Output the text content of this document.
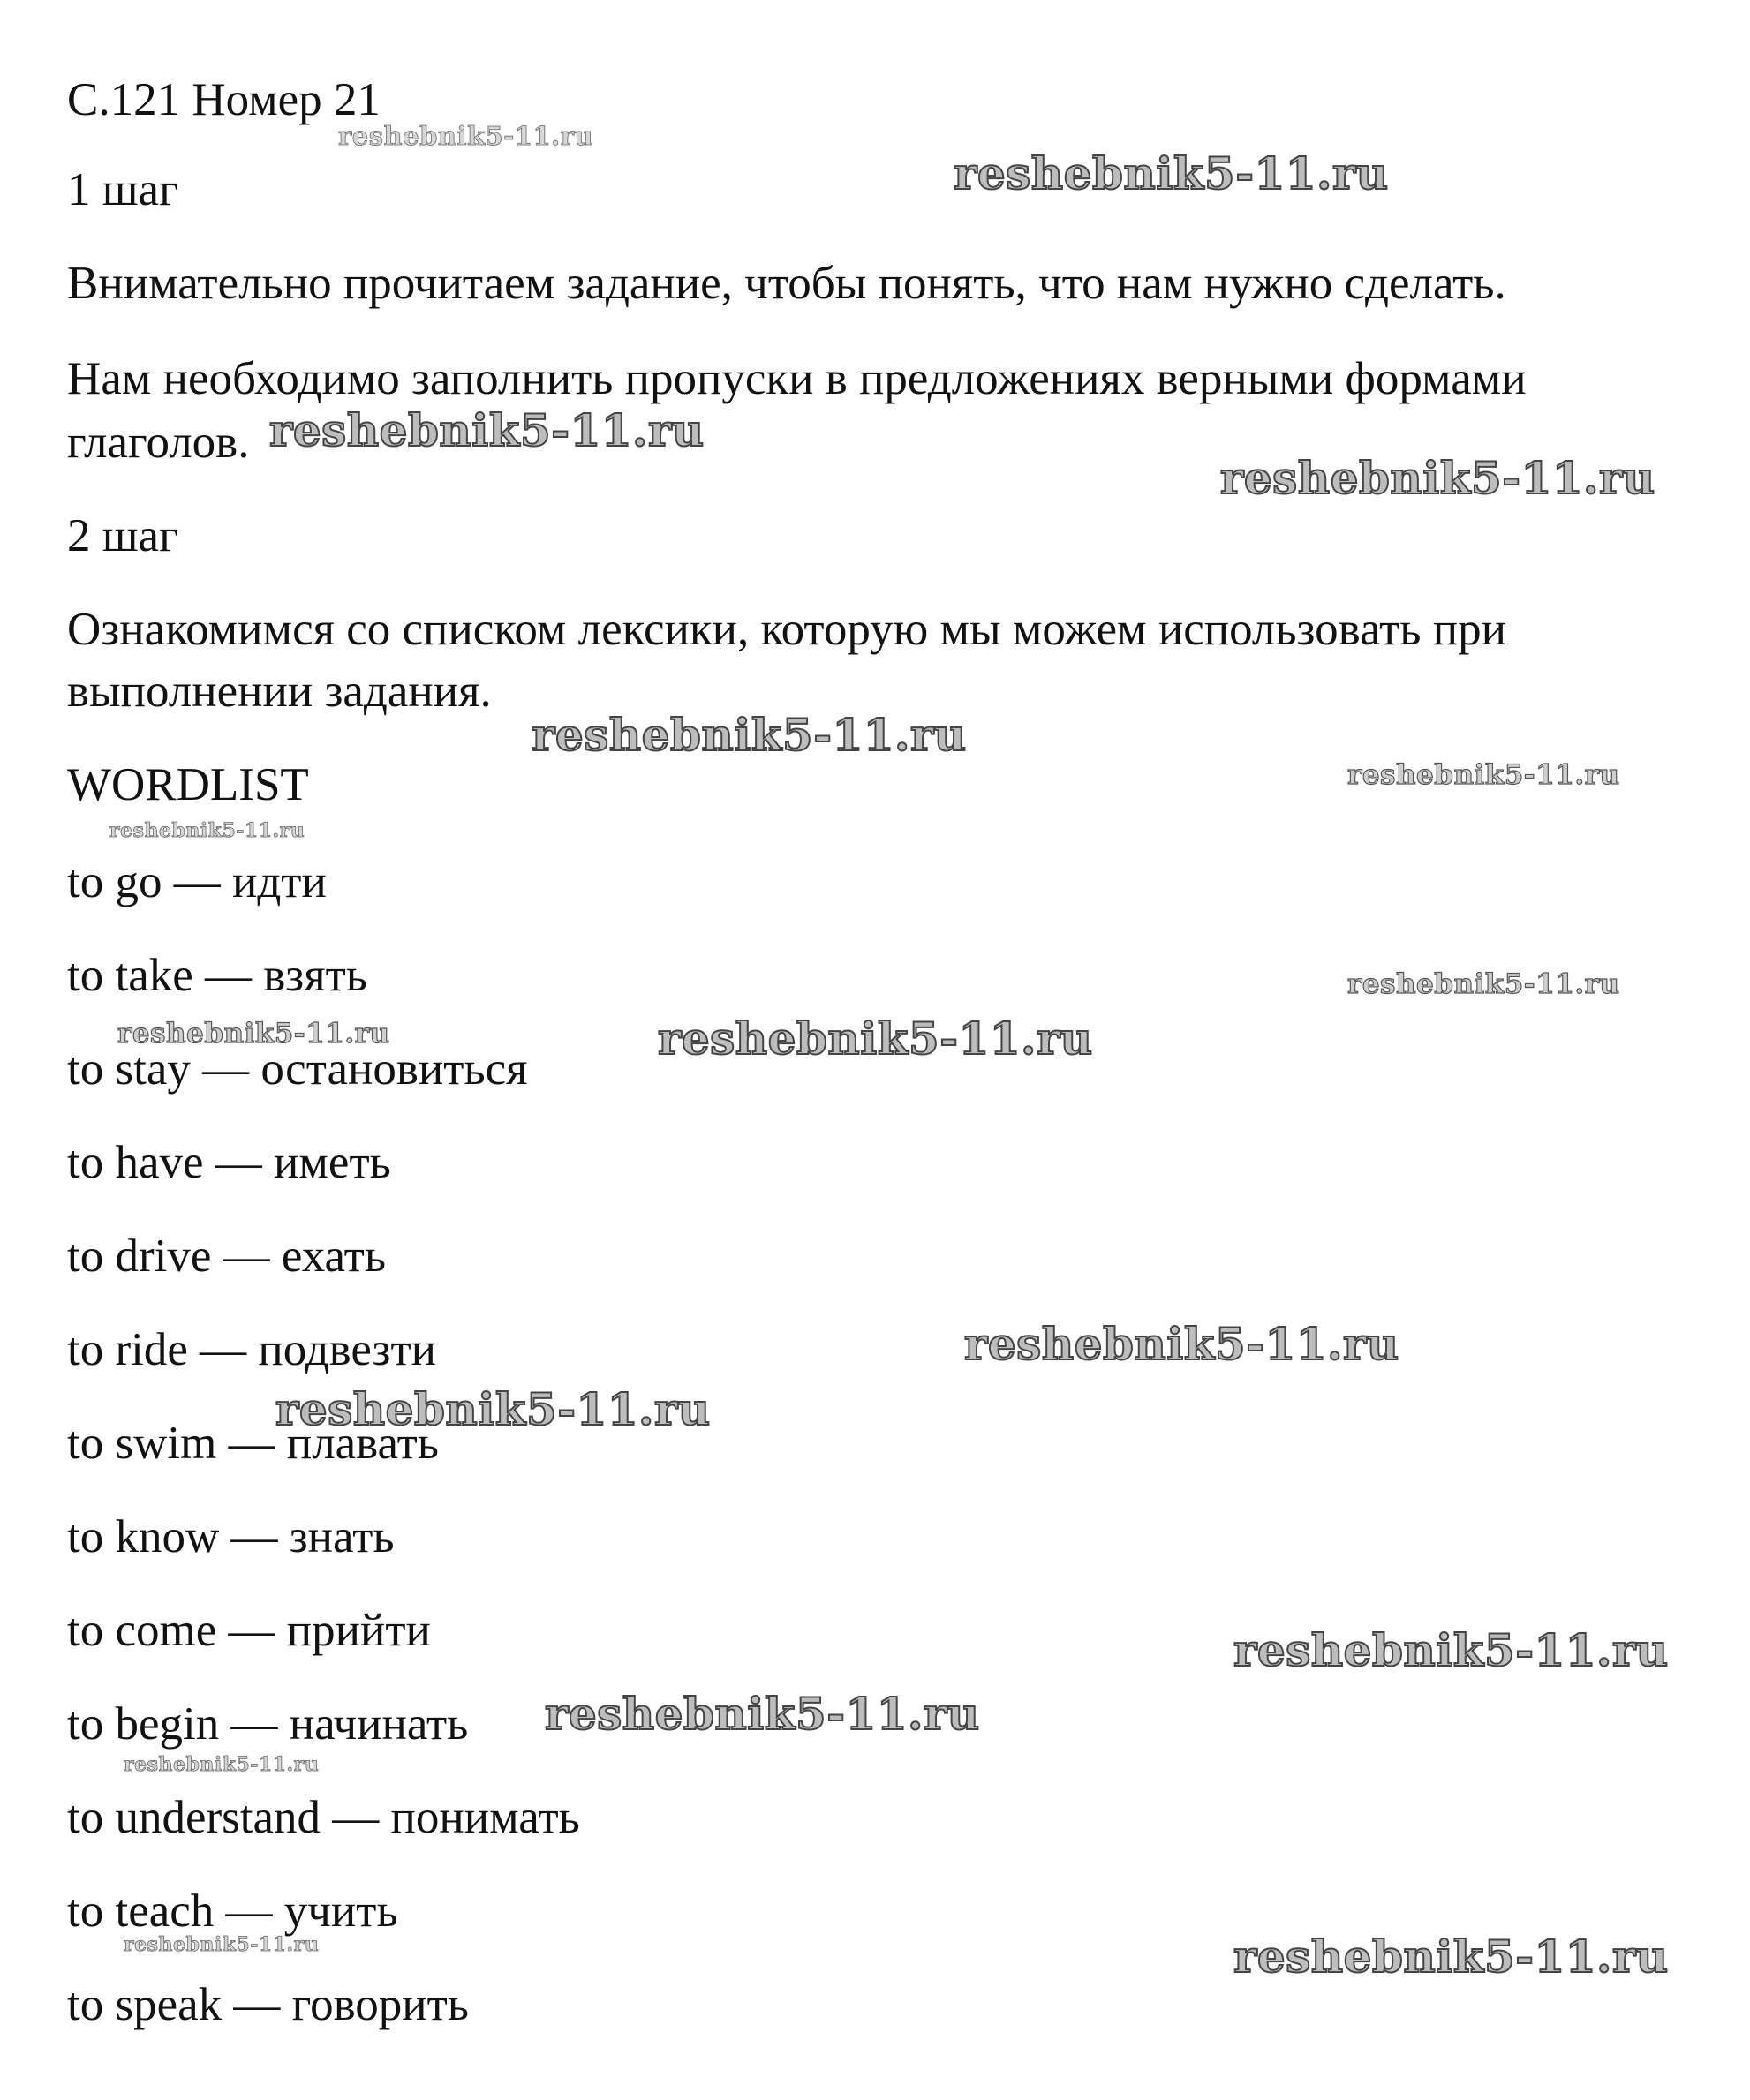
С.121 Номер 21
1 шаг
Внимательно прочитаем задание, чтобы понять, что нам нужно сделать.
Нам необходимо заполнить пропуски в предложениях верными формами
глаголов.
2 шаг
Ознакомимся со списком лексики, которую мы можем использовать при
выполнении задания.
WORDLIST
to go — идти
to take — взять
to stay — остановиться
to have — иметь
to drive — ехать
to ride — подвезти
to swim — плавать
to know — знать
to come — прийти
to begin — начинать
to understand — понимать
to teach — учить
to speak — говорить
reshebnik5-11.ru
reshebnik5-11.ru
reshebnik5-11.ru
reshebnik5-11.ru
reshebnik5-11.ru
reshebnik5-11.ru
reshebnik5-11.ru
reshebnik5-11.ru
reshebnik5-11.ru	reshebnik5-11.ru
reshebnik5-11.ru
reshebnik5-11.ru
reshebnik5-11.ru
reshebnik5-11.ru
reshebnik5-11.ru
reshebnik5-11.ru	reshebnik5-11.ru
